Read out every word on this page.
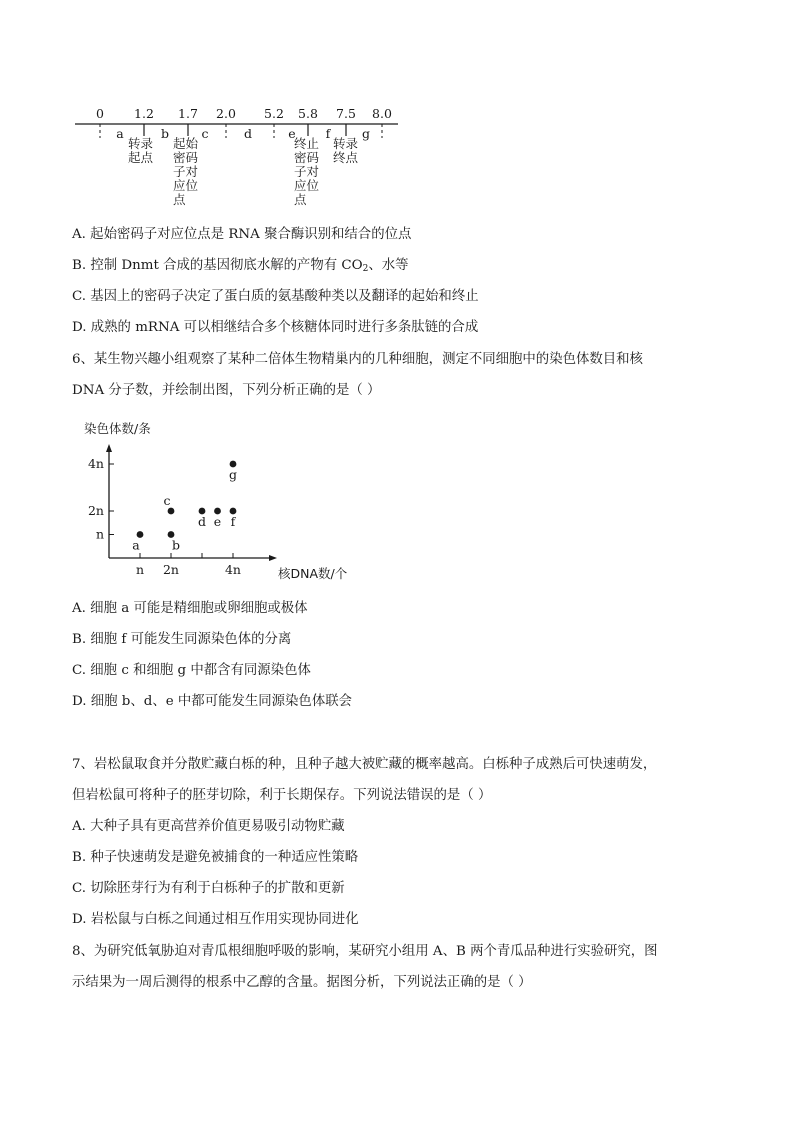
0 1.2 1.7 2.0 5.2 5.8 7.5 8.0
a	b	c	d	e f	g
转录
起点
起始
密码
子对
应位
点
终止
密码
子对
应位
点
转录
终点
A. 起始密码子对应位点是 RNA 聚合酶识别和结合的位点
B. 控制 Dnmt 合成的基因彻底水解的产物有 $CO_2$、水等
C. 基因上的密码子决定了蛋白质的氨基酸种类以及翻译的起始和终止
D. 成熟的 mRNA 可以相继结合多个核糖体同时进行多条肽链的合成
6、某生物兴趣小组观察了某种二倍体生物精巢内的几种细胞，测定不同细胞中的染色体数目和核
DNA 分子数，并绘制出图，下列分析正确的是（ ）
染色体数/条
核DNA数/个
n 2n	4n
n
2n
4n
a	b
c
d e f
g
A. 细胞 a 可能是精细胞或卵细胞或极体
B. 细胞 f 可能发生同源染色体的分离
C. 细胞 c 和细胞 g 中都含有同源染色体
D. 细胞 b、d、e 中都可能发生同源染色体联会
7、岩松鼠取食并分散贮藏白栎的种，且种子越大被贮藏的概率越高。白栎种子成熟后可快速萌发，
但岩松鼠可将种子的胚芽切除，利于长期保存。下列说法错误的是（ ）
A. 大种子具有更高营养价值更易吸引动物贮藏
B. 种子快速萌发是避免被捕食的一种适应性策略
C. 切除胚芽行为有利于白栎种子的扩散和更新
D. 岩松鼠与白栎之间通过相互作用实现协同进化
8、为研究低氧胁迫对青瓜根细胞呼吸的影响，某研究小组用 A、B 两个青瓜品种进行实验研究，图
示结果为一周后测得的根系中乙醇的含量。据图分析，下列说法正确的是（ ）
